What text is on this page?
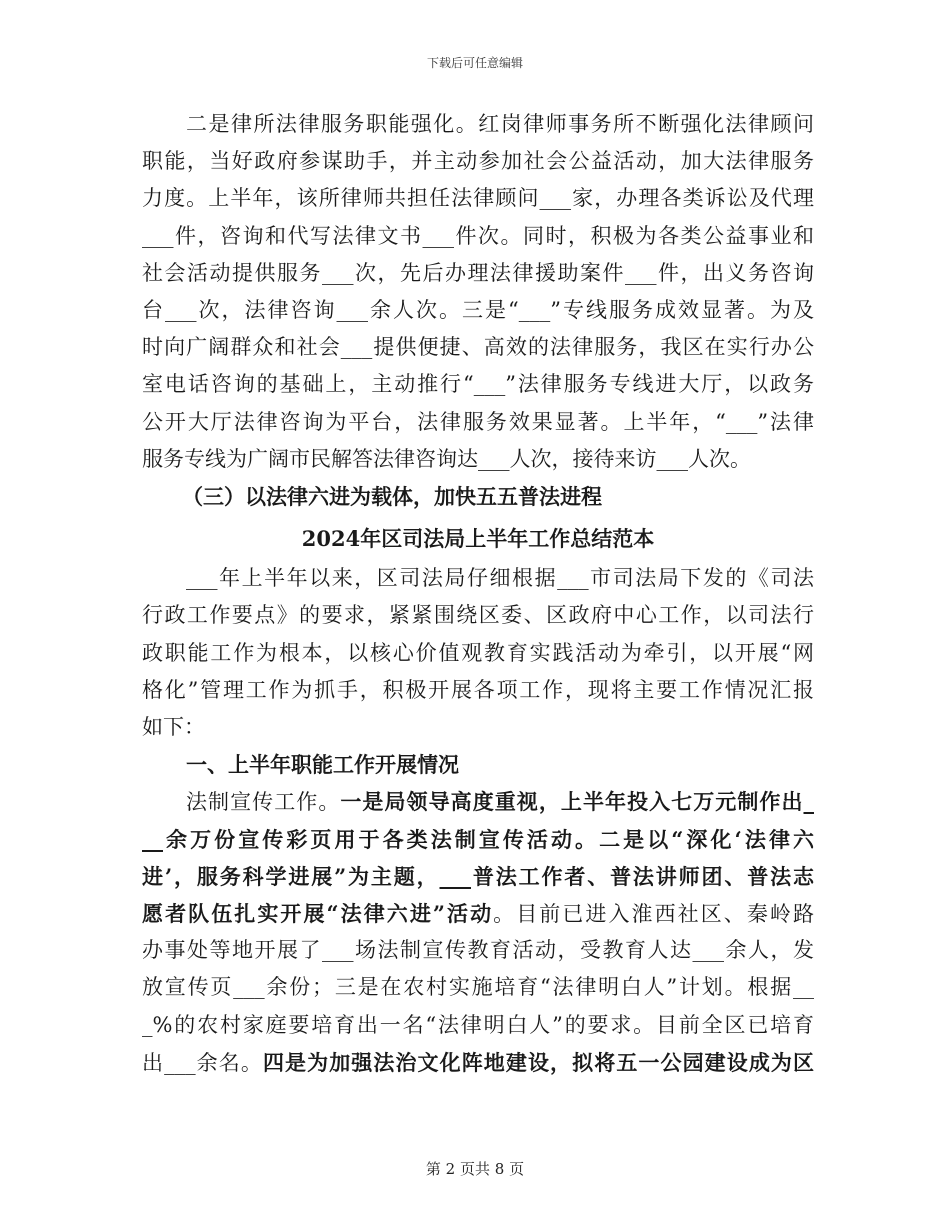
下载后可任意编辑
二是律所法律服务职能强化。红岗律师事务所不断强化法律顾问
职能，当好政府参谋助手，并主动参加社会公益活动，加大法律服务
力度。上半年，该所律师共担任法律顾问___家，办理各类诉讼及代理
___件，咨询和代写法律文书___件次。同时，积极为各类公益事业和
社会活动提供服务___次，先后办理法律援助案件___件，出义务咨询
台___次，法律咨询___余人次。三是“___”专线服务成效显著。为及
时向广阔群众和社会___提供便捷、高效的法律服务，我区在实行办公
室电话咨询的基础上，主动推行“___”法律服务专线进大厅，以政务
公开大厅法律咨询为平台，法律服务效果显著。上半年，“___”法律
服务专线为广阔市民解答法律咨询达___人次，接待来访___人次。
（三）以法律六进为载体，加快五五普法进程
2024年区司法局上半年工作总结范本
___年上半年以来，区司法局仔细根据___市司法局下发的《司法
行政工作要点》的要求，紧紧围绕区委、区政府中心工作，以司法行
政职能工作为根本，以核心价值观教育实践活动为牵引，以开展“网
格化”管理工作为抓手，积极开展各项工作，现将主要工作情况汇报
如下：
一、上半年职能工作开展情况
法制宣传工作。一是局领导高度重视，上半年投入七万元制作出_
__余万份宣传彩页用于各类法制宣传活动。二是以“深化‘法律六
进’，服务科学进展”为主题，___普法工作者、普法讲师团、普法志
愿者队伍扎实开展“法律六进”活动。目前已进入淮西社区、秦岭路
办事处等地开展了___场法制宣传教育活动，受教育人达___余人，发
放宣传页___余份；三是在农村实施培育“法律明白人”计划。根据__
_%的农村家庭要培育出一名“法律明白人”的要求。目前全区已培育
出___余名。四是为加强法治文化阵地建设，拟将五一公园建设成为区
第 2 页共 8 页
